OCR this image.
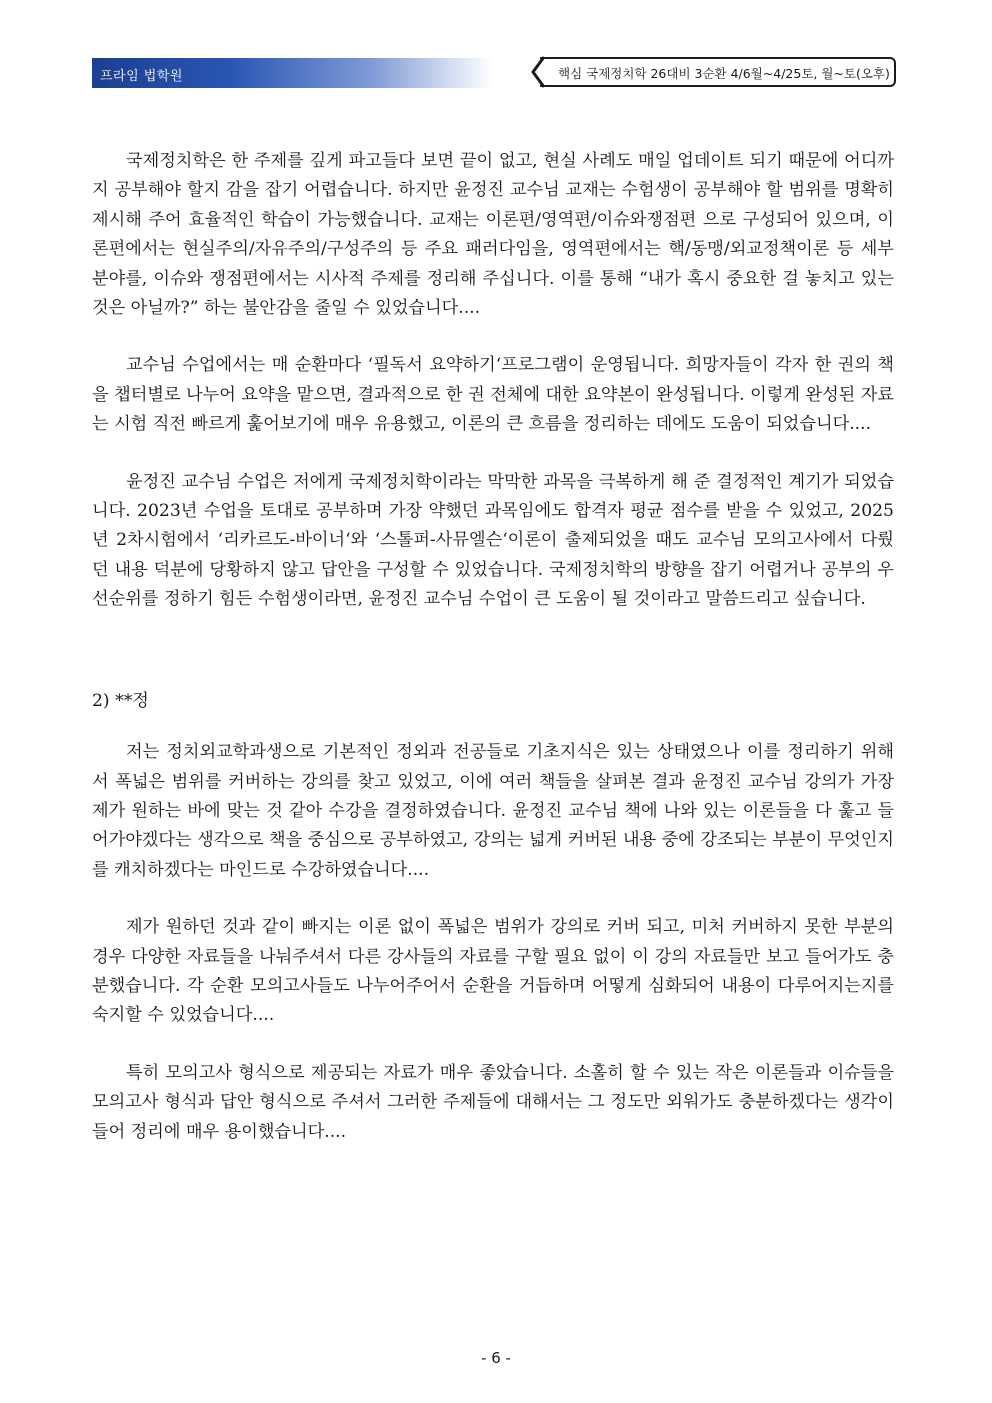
프라임 법학원	핵심 국제정치학 26대비 3순환 4/6월~4/25토, 월~토(오후)

국제정치학은 한 주제를 깊게 파고들다 보면 끝이 없고, 현실 사례도 매일 업데이트 되기 때문에 어디까지 공부해야 할지 감을 잡기 어렵습니다. 하지만 윤정진 교수님 교재는 수험생이 공부해야 할 범위를 명확히 제시해 주어 효율적인 학습이 가능했습니다. 교재는 이론편/영역편/이슈와쟁점편 으로 구성되어 있으며, 이론편에서는 현실주의/자유주의/구성주의 등 주요 패러다임을, 영역편에서는 핵/동맹/외교정책이론 등 세부분야를, 이슈와 쟁점편에서는 시사적 주제를 정리해 주십니다. 이를 통해 “내가 혹시 중요한 걸 놓치고 있는것은 아닐까?” 하는 불안감을 줄일 수 있었습니다....

교수님 수업에서는 매 순환마다 ‘필독서 요약하기‘프로그램이 운영됩니다. 희망자들이 각자 한 권의 책을 챕터별로 나누어 요약을 맡으면, 결과적으로 한 권 전체에 대한 요약본이 완성됩니다. 이렇게 완성된 자료는 시험 직전 빠르게 훑어보기에 매우 유용했고, 이론의 큰 흐름을 정리하는 데에도 도움이 되었습니다....

윤정진 교수님 수업은 저에게 국제정치학이라는 막막한 과목을 극복하게 해 준 결정적인 계기가 되었습니다. 2023년 수업을 토대로 공부하며 가장 약했던 과목임에도 합격자 평균 점수를 받을 수 있었고, 2025년 2차시험에서 ‘리카르도-바이너‘와 ‘스톨퍼-사뮤엘슨‘이론이 출제되었을 때도 교수님 모의고사에서 다뤘던 내용 덕분에 당황하지 않고 답안을 구성할 수 있었습니다. 국제정치학의 방향을 잡기 어렵거나 공부의 우선순위를 정하기 힘든 수험생이라면, 윤정진 교수님 수업이 큰 도움이 될 것이라고 말씀드리고 싶습니다.

2) **정

저는 정치외교학과생으로 기본적인 정외과 전공들로 기초지식은 있는 상태였으나 이를 정리하기 위해서 폭넓은 범위를 커버하는 강의를 찾고 있었고, 이에 여러 책들을 살펴본 결과 윤정진 교수님 강의가 가장 제가 원하는 바에 맞는 것 같아 수강을 결정하였습니다. 윤정진 교수님 책에 나와 있는 이론들을 다 훑고 들어가야겠다는 생각으로 책을 중심으로 공부하였고, 강의는 넓게 커버된 내용 중에 강조되는 부분이 무엇인지를 캐치하겠다는 마인드로 수강하였습니다....

제가 원하던 것과 같이 빠지는 이론 없이 폭넓은 범위가 강의로 커버 되고, 미처 커버하지 못한 부분의 경우 다양한 자료들을 나눠주셔서 다른 강사들의 자료를 구할 필요 없이 이 강의 자료들만 보고 들어가도 충분했습니다. 각 순환 모의고사들도 나누어주어서 순환을 거듭하며 어떻게 심화되어 내용이 다루어지는지를 숙지할 수 있었습니다....

특히 모의고사 형식으로 제공되는 자료가 매우 좋았습니다. 소홀히 할 수 있는 작은 이론들과 이슈들을 모의고사 형식과 답안 형식으로 주셔서 그러한 주제들에 대해서는 그 정도만 외워가도 충분하겠다는 생각이 들어 정리에 매우 용이했습니다....

- 6 -
